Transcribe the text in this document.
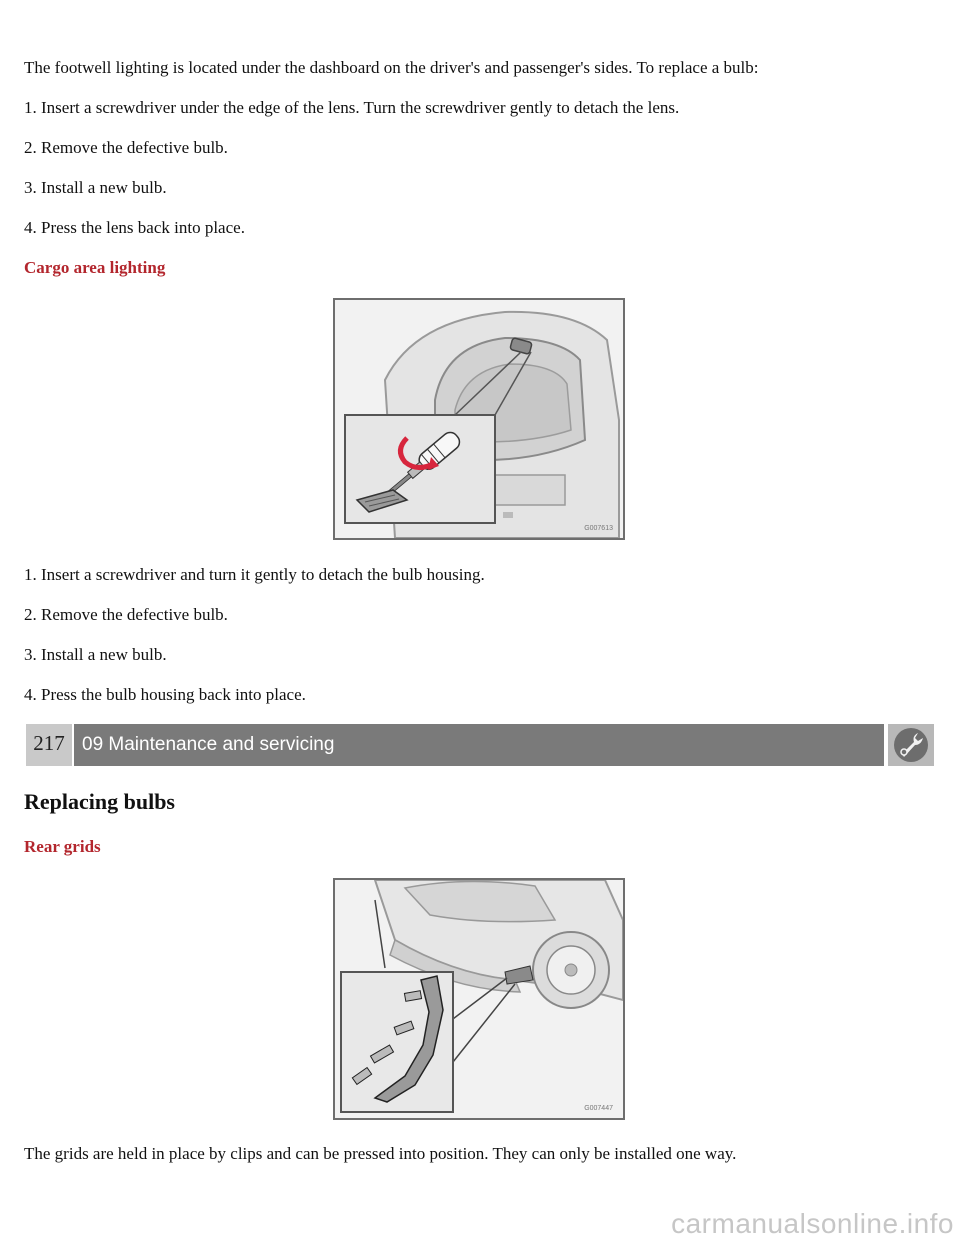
The footwell lighting is located under the dashboard on the driver's and passenger's sides. To replace a bulb:
1. Insert a screwdriver under the edge of the lens. Turn the screwdriver gently to detach the lens.
2. Remove the defective bulb.
3. Install a new bulb.
4. Press the lens back into place.
Cargo area lighting
G007613
1. Insert a screwdriver and turn it gently to detach the bulb housing.
2. Remove the defective bulb.
3. Install a new bulb.
4. Press the bulb housing back into place.
217 09 Maintenance and servicing
Replacing bulbs
Rear grids
G007447
The grids are held in place by clips and can be pressed into position. They can only be installed one way.
carmanualsonline.info
